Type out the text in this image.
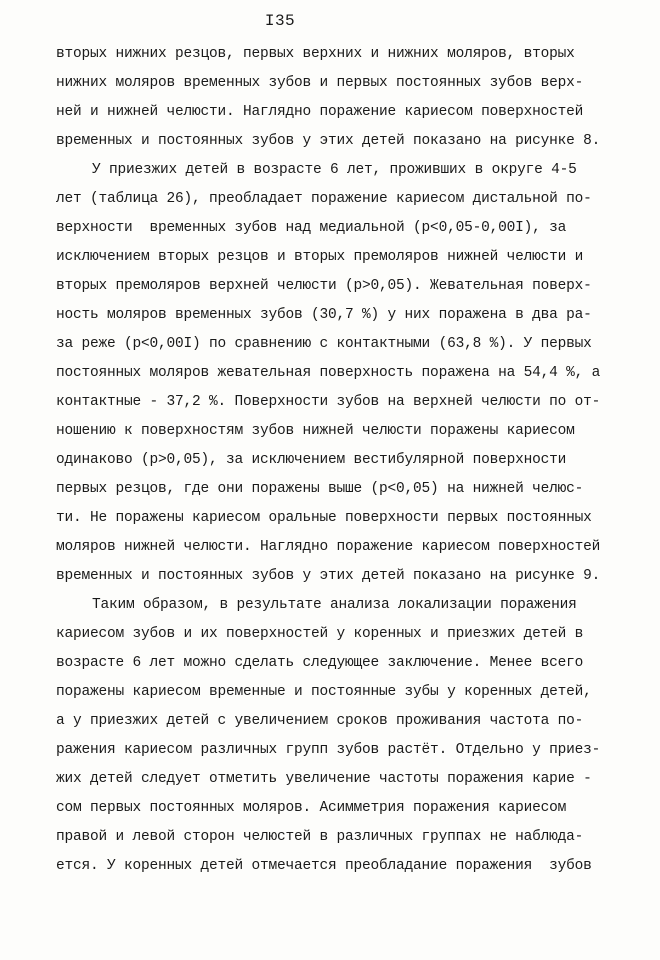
I35
вторых нижних резцов, первых верхних и нижних моляров, вторых
нижних моляров временных зубов и первых постоянных зубов верх-
ней и нижней челюсти. Наглядно поражение кариесом поверхностей
временных и постоянных зубов у этих детей показано на рисунке 8.
У приезжих детей в возрасте 6 лет, проживших в округе 4-5
лет (таблица 26), преобладает поражение кариесом дистальной по-
верхности  временных зубов над медиальной (p<0,05-0,00I), за
исключением вторых резцов и вторых премоляров нижней челюсти и
вторых премоляров верхней челюсти (p>0,05). Жевательная поверх-
ность моляров временных зубов (30,7 %) у них поражена в два ра-
за реже (p<0,00I) по сравнению с контактными (63,8 %). У первых
постоянных моляров жевательная поверхность поражена на 54,4 %, а
контактные - 37,2 %. Поверхности зубов на верхней челюсти по от-
ношению к поверхностям зубов нижней челюсти поражены кариесом
одинаково (p>0,05), за исключением вестибулярной поверхности
первых резцов, где они поражены выше (p<0,05) на нижней челюс-
ти. Не поражены кариесом оральные поверхности первых постоянных
моляров нижней челюсти. Наглядно поражение кариесом поверхностей
временных и постоянных зубов у этих детей показано на рисунке 9.
Таким образом, в результате анализа локализации поражения
кариесом зубов и их поверхностей у коренных и приезжих детей в
возрасте 6 лет можно сделать следующее заключение. Менее всего
поражены кариесом временные и постоянные зубы у коренных детей,
а у приезжих детей с увеличением сроков проживания частота по-
ражения кариесом различных групп зубов растёт. Отдельно у приез-
жих детей следует отметить увеличение частоты поражения карие -
сом первых постоянных моляров. Асимметрия поражения кариесом
правой и левой сторон челюстей в различных группах не наблюда-
ется. У коренных детей отмечается преобладание поражения  зубов
